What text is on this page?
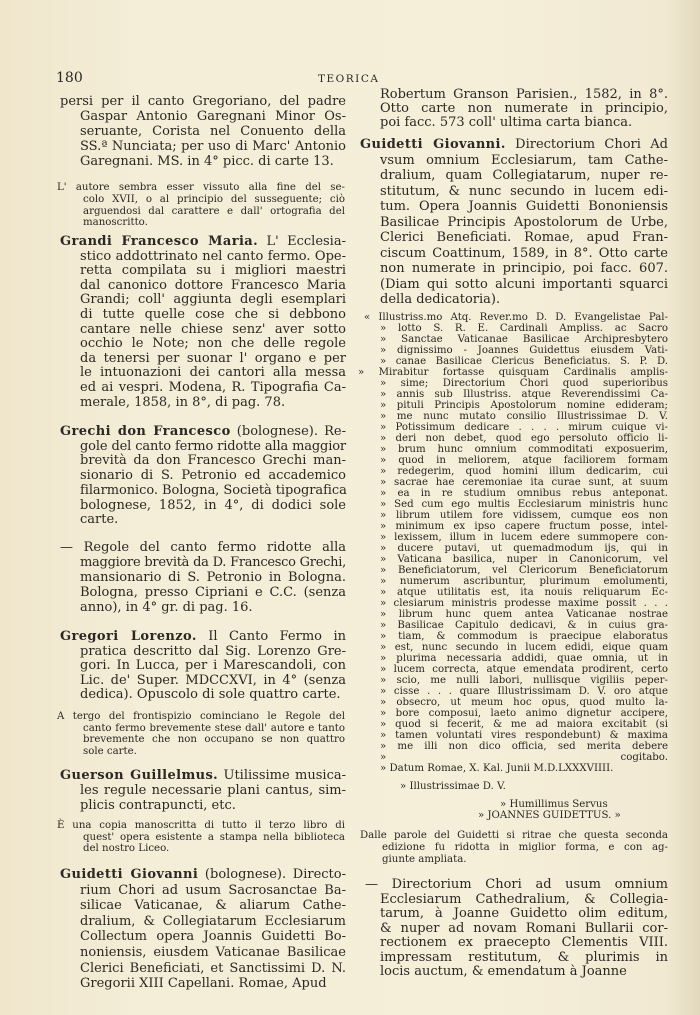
180	TEORICA
persi per il canto Gregoriano, del padre
Gaspar Antonio Garegnani Minor Os-
seruante, Corista nel Conuento della
SS.ª Nunciata; per uso di Marc' Antonio
Garegnani. MS. in 4° picc. di carte 13.
L' autore sembra esser vissuto alla fine del se-
colo XVII, o al principio del susseguente; ciò
arguendosi dal carattere e dall' ortografia del
manoscritto.
Grandi Francesco Maria. L' Ecclesia-
stico addottrinato nel canto fermo. Ope-
retta compilata su i migliori maestri
dal canonico dottore Francesco Maria
Grandi; coll' aggiunta degli esemplari
di tutte quelle cose che si debbono
cantare nelle chiese senz' aver sotto
occhio le Note; non che delle regole
da tenersi per suonar l' organo e per
le intuonazioni dei cantori alla messa
ed ai vespri. Modena, R. Tipografia Ca-
merale, 1858, in 8°, di pag. 78.
Grechi don Francesco (bolognese). Re-
gole del canto fermo ridotte alla maggior
brevità da don Francesco Grechi man-
sionario di S. Petronio ed accademico
filarmonico. Bologna, Società tipografica
bolognese, 1852, in 4°, di dodici sole
carte.
— Regole del canto fermo ridotte alla
maggiore brevità da D. Francesco Grechi,
mansionario di S. Petronio in Bologna.
Bologna, presso Cipriani e C.C. (senza
anno), in 4° gr. di pag. 16.
Gregori Lorenzo. Il Canto Fermo in
pratica descritto dal Sig. Lorenzo Gre-
gori. In Lucca, per i Marescandoli, con
Lic. de' Super. MDCCXVI, in 4° (senza
dedica). Opuscolo di sole quattro carte.
A tergo del frontispizio cominciano le Regole del
canto fermo brevemente stese dall' autore e tanto
brevemente che non occupano se non quattro
sole carte.
Guerson Guillelmus. Utilissime musica-
les regule necessarie plani cantus, sim-
plicis contrapuncti, etc.
È una copia manoscritta di tutto il terzo libro di
quest' opera esistente a stampa nella biblioteca
del nostro Liceo.
Guidetti Giovanni (bolognese). Directo-
rium Chori ad usum Sacrosanctae Ba-
silicae Vaticanae, & aliarum Cathe-
dralium, & Collegiatarum Ecclesiarum
Collectum opera Joannis Guidetti Bo-
noniensis, eiusdem Vaticanae Basilicae
Clerici Beneficiati, et Sanctissimi D. N.
Gregorii XIII Capellani. Romae, Apud
Robertum Granson Parisien., 1582, in 8°.
Otto carte non numerate in principio,
poi facc. 573 coll' ultima carta bianca.
Guidetti Giovanni. Directorium Chori Ad
vsum omnium Ecclesiarum, tam Cathe-
dralium, quam Collegiatarum, nuper re-
stitutum, & nunc secundo in lucem edi-
tum. Opera Joannis Guidetti Bononiensis
Basilicae Principis Apostolorum de Urbe,
Clerici Beneficiati. Romae, apud Fran-
ciscum Coattinum, 1589, in 8°. Otto carte
non numerate in principio, poi facc. 607.
(Diam qui sotto alcuni importanti squarci
della dedicatoria).
« Illustriss.mo Atq. Rever.mo D. D. Evangelistae Pal-
» lotto S. R. E. Cardinali Ampliss. ac Sacro
» Sanctae Vaticanae Basilicae Archipresbytero
» dignissimo - Joannes Guidettus eiusdem Vati-
» canae Basilicae Clericus Beneficiatus. S. P. D.
» Mirabitur fortasse quisquam Cardinalis amplis-
» sime; Directorium Chori quod superioribus
» annis sub Illustriss. atque Reverendissimi Ca-
» pituli Principis Apostolorum nomine edideram;
» me nunc mutato consilio Illustrissimae D. V.
» Potissimum dedicare . . . . mirum cuique vi-
» deri non debet, quod ego persoluto officio li-
» brum hunc omnium commoditati exposuerim,
» quod in meliorem, atque faciliorem formam
» redegerim, quod homini illum dedicarim, cui
» sacrae hae ceremoniae ita curae sunt, at suum
» ea in re studium omnibus rebus anteponat.
» Sed cum ego multis Ecclesiarum ministris hunc
» librum utilem fore vidissem, cumque eos non
» minimum ex ipso capere fructum posse, intel-
» lexissem, illum in lucem edere summopere con-
» ducere putavi, ut quemadmodum ijs, qui in
» Vaticana basilica, nuper in Canonicorum, vel
» Beneficiatorum, vel Clericorum Beneficiatorum
» numerum ascribuntur, plurimum emolumenti,
» atque utilitatis est, ita nouis reliquarum Ec-
» clesiarum ministris prodesse maxime possit . . .
» librum hunc quem antea Vaticanae nostrae
» Basilicae Capitulo dedicavi, & in cuius gra-
» tiam, & commodum is praecipue elaboratus
» est, nunc secundo in lucem edidi, eique quam
» plurima necessaria addidi, quae omnia, ut in
» lucem correcta, atque emendata prodirent, certo
» scio, me nulli labori, nullisque vigiliis peper-
» cisse . . . quare Illustrissimam D. V. oro atque
» obsecro, ut meum hoc opus, quod multo la-
» bore composui, laeto animo dignetur accipere,
» quod si fecerit, & me ad maiora excitabit (si
» tamen voluntati vires respondebunt) & maxima
» me illi non dico officia, sed merita debere
» cogitabo.
» Datum Romae, X. Kal. Junii M.D.LXXXVIIII.
» Illustrissimae D. V.
» Humillimus Servus
» JOANNES GUIDETTUS. »
Dalle parole del Guidetti si ritrae che questa seconda
edizione fu ridotta in miglior forma, e con ag-
giunte ampliata.
— Directorium Chori ad usum omnium
Ecclesiarum Cathedralium, & Collegia-
tarum, à Joanne Guidetto olim editum,
& nuper ad novam Romani Bullarii cor-
rectionem ex praecepto Clementis VIII.
impressam restitutum, & plurimis in
locis auctum, & emendatum à Joanne
